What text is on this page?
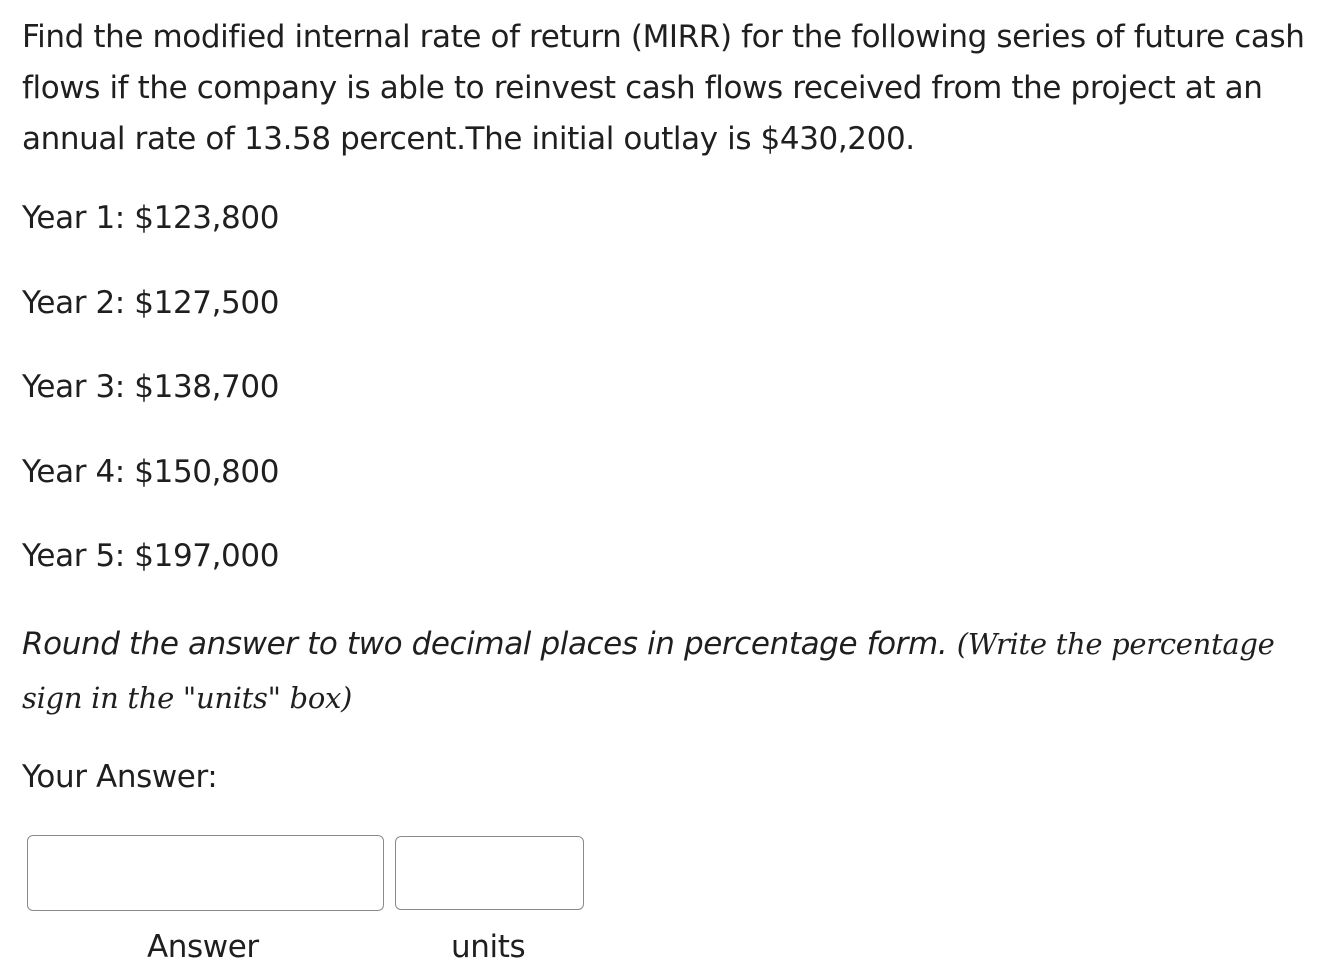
Find the modified internal rate of return (MIRR) for the following series of future cash flows if the company is able to reinvest cash flows received from the project at an annual rate of 13.58 percent.The initial outlay is $430,200.
Year 1: $123,800
Year 2: $127,500
Year 3: $138,700
Year 4: $150,800
Year 5: $197,000
Round the answer to two decimal places in percentage form. (Write the percentage sign in the "units" box)
Your Answer:
Answer	units
